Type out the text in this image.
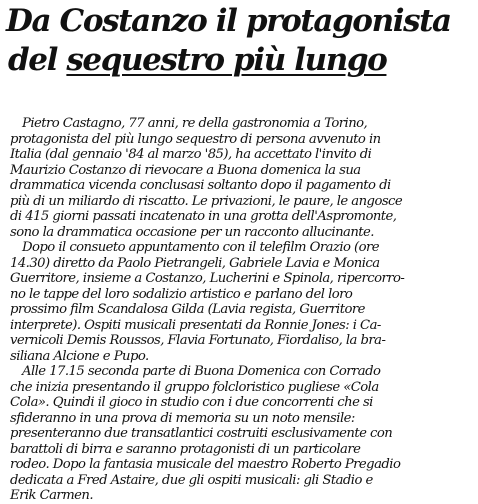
Da Costanzo il protagonista
del sequestro più lungo

Pietro Castagno, 77 anni, re della gastronomia a Torino,
protagonista del più lungo sequestro di persona avvenuto in
Italia (dal gennaio '84 al marzo '85), ha accettato l'invito di
Maurizio Costanzo di rievocare a Buona domenica la sua
drammatica vicenda conclusasi soltanto dopo il pagamento di
più di un miliardo di riscatto. Le privazioni, le paure, le angosce
di 415 giorni passati incatenato in una grotta dell'Aspromonte,
sono la drammatica occasione per un racconto allucinante.

Dopo il consueto appuntamento con il telefilm Orazio (ore
14.30) diretto da Paolo Pietrangeli, Gabriele Lavia e Monica
Guerritore, insieme a Costanzo, Lucherini e Spinola, ripercorro-
no le tappe del loro sodalizio artistico e parlano del loro
prossimo film Scandalosa Gilda (Lavia regista, Guerritore
interprete). Ospiti musicali presentati da Ronnie Jones: i Ca-
vernicoli Demis Roussos, Flavia Fortunato, Fiordaliso, la bra-
siliana Alcione e Pupo.

Alle 17.15 seconda parte di Buona Domenica con Corrado
che inizia presentando il gruppo folcloristico pugliese «Cola
Cola». Quindi il gioco in studio con i due concorrenti che si
sfideranno in una prova di memoria su un noto mensile:
presenteranno due transatlantici costruiti esclusivamente con
barattoli di birra e saranno protagonisti di un particolare
rodeo. Dopo la fantasia musicale del maestro Roberto Pregadio
dedicata a Fred Astaire, due gli ospiti musicali: gli Stadio e
Erik Carmen.
